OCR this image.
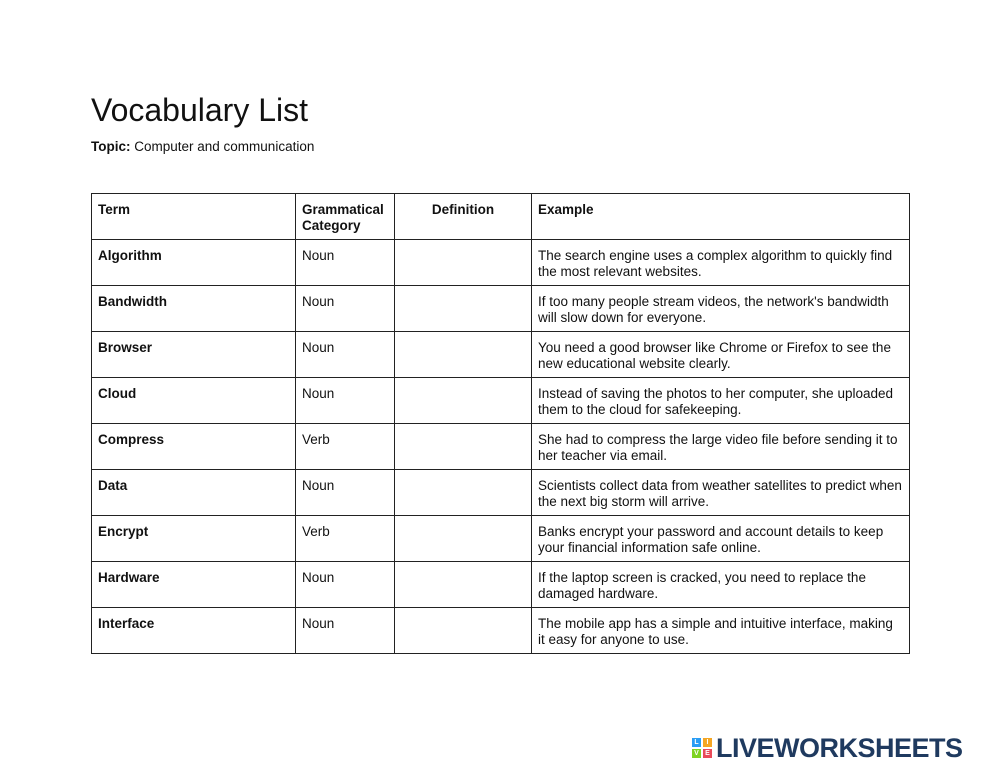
Vocabulary List
Topic: Computer and communication
Term	Grammatical Category	Definition	Example
Algorithm	Noun		The search engine uses a complex algorithm to quickly find the most relevant websites.
Bandwidth	Noun		If too many people stream videos, the network's bandwidth will slow down for everyone.
Browser	Noun		You need a good browser like Chrome or Firefox to see the new educational website clearly.
Cloud	Noun		Instead of saving the photos to her computer, she uploaded them to the cloud for safekeeping.
Compress	Verb		She had to compress the large video file before sending it to her teacher via email.
Data	Noun		Scientists collect data from weather satellites to predict when the next big storm will arrive.
Encrypt	Verb		Banks encrypt your password and account details to keep your financial information safe online.
Hardware	Noun		If the laptop screen is cracked, you need to replace the damaged hardware.
Interface	Noun		The mobile app has a simple and intuitive interface, making it easy for anyone to use.
L	I
V E LIVEWORKSHEETS
